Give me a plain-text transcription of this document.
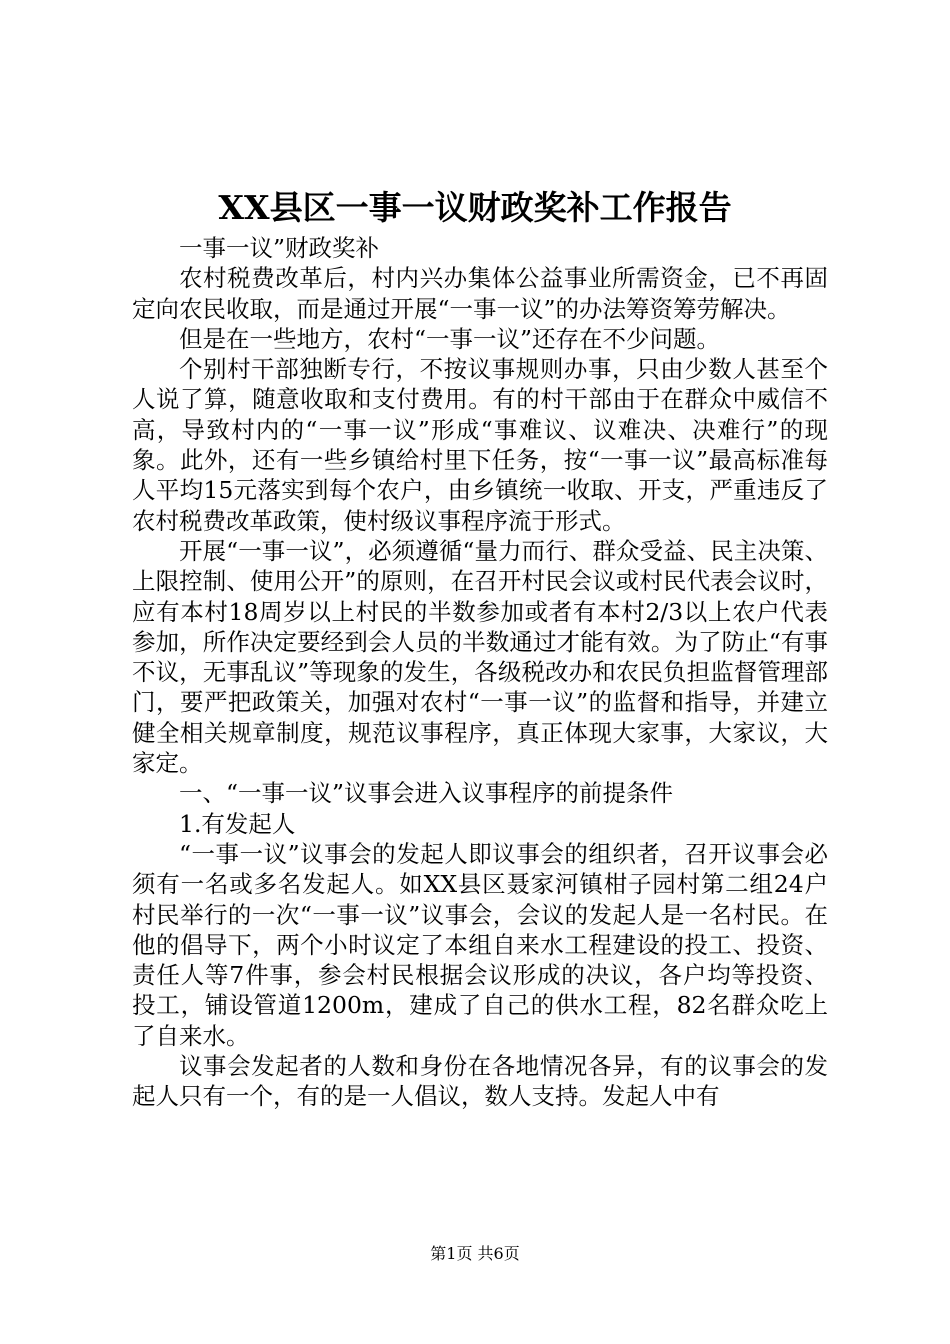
XX县区一事一议财政奖补工作报告

一事一议”财政奖补

农村税费改革后，村内兴办集体公益事业所需资金，已不再固定向农民收取，而是通过开展“一事一议”的办法筹资筹劳解决。

但是在一些地方，农村“一事一议”还存在不少问题。

个别村干部独断专行，不按议事规则办事，只由少数人甚至个人说了算，随意收取和支付费用。有的村干部由于在群众中威信不高，导致村内的“一事一议”形成“事难议、议难决、决难行”的现象。此外，还有一些乡镇给村里下任务，按“一事一议”最高标准每人平均15元落实到每个农户，由乡镇统一收取、开支，严重违反了农村税费改革政策，使村级议事程序流于形式。

开展“一事一议”，必须遵循“量力而行、群众受益、民主决策、上限控制、使用公开”的原则，在召开村民会议或村民代表会议时，应有本村18周岁以上村民的半数参加或者有本村2/3以上农户代表参加，所作决定要经到会人员的半数通过才能有效。为了防止“有事不议，无事乱议”等现象的发生，各级税改办和农民负担监督管理部门，要严把政策关，加强对农村“一事一议”的监督和指导，并建立健全相关规章制度，规范议事程序，真正体现大家事，大家议，大家定。

一、“一事一议”议事会进入议事程序的前提条件

1.有发起人

“一事一议”议事会的发起人即议事会的组织者，召开议事会必须有一名或多名发起人。如XX县区聂家河镇柑子园村第二组24户村民举行的一次“一事一议”议事会，会议的发起人是一名村民。在他的倡导下，两个小时议定了本组自来水工程建设的投工、投资、责任人等7件事，参会村民根据会议形成的决议，各户均等投资、投工，铺设管道1200m，建成了自己的供水工程，82名群众吃上了自来水。

议事会发起者的人数和身份在各地情况各异，有的议事会的发起人只有一个，有的是一人倡议，数人支持。发起人中有

第1页 共6页
